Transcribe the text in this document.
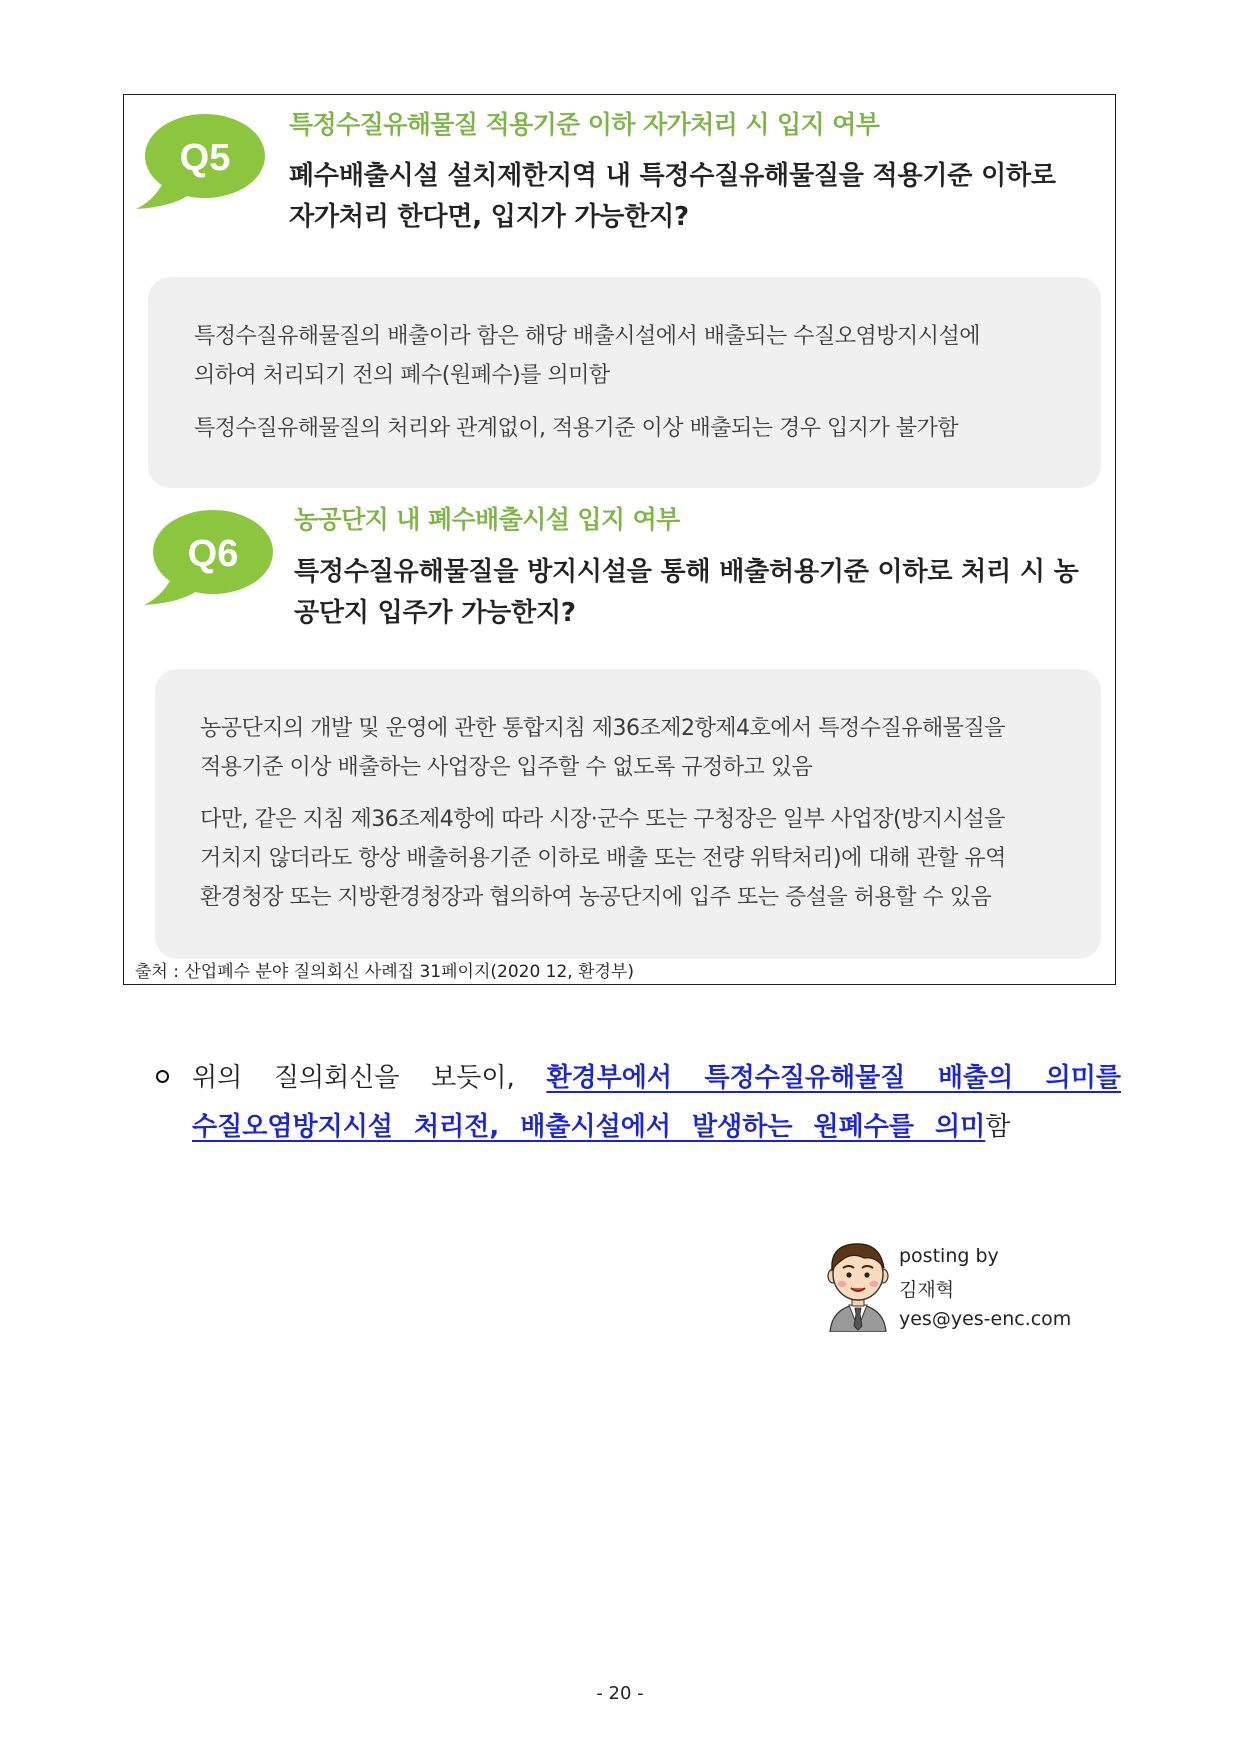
Q5
특정수질유해물질 적용기준 이하 자가처리 시 입지 여부
폐수배출시설 설치제한지역 내 특정수질유해물질을 적용기준 이하로
자가처리 한다면, 입지가 가능한지?
특정수질유해물질의 배출이라 함은 해당 배출시설에서 배출되는 수질오염방지시설에
의하여 처리되기 전의 폐수(원폐수)를 의미함
특정수질유해물질의 처리와 관계없이, 적용기준 이상 배출되는 경우 입지가 불가함
Q6
농공단지 내 폐수배출시설 입지 여부
특정수질유해물질을 방지시설을 통해 배출허용기준 이하로 처리 시 농
공단지 입주가 가능한지?
농공단지의 개발 및 운영에 관한 통합지침 제36조제2항제4호에서 특정수질유해물질을
적용기준 이상 배출하는 사업장은 입주할 수 없도록 규정하고 있음
다만, 같은 지침 제36조제4항에 따라 시장·군수 또는 구청장은 일부 사업장(방지시설을
거치지 않더라도 항상 배출허용기준 이하로 배출 또는 전량 위탁처리)에 대해 관할 유역
환경청장 또는 지방환경청장과 협의하여 농공단지에 입주 또는 증설을 허용할 수 있음
출처 : 산업폐수 분야 질의회신 사례집 31페이지(2020 12, 환경부)
위의 질의회신을 보듯이, 환경부에서 특정수질유해물질 배출의 의미를
수질오염방지시설 처리전, 배출시설에서 발생하는 원폐수를 의미함
posting by
김재혁
yes@yes-enc.com
- 20 -
